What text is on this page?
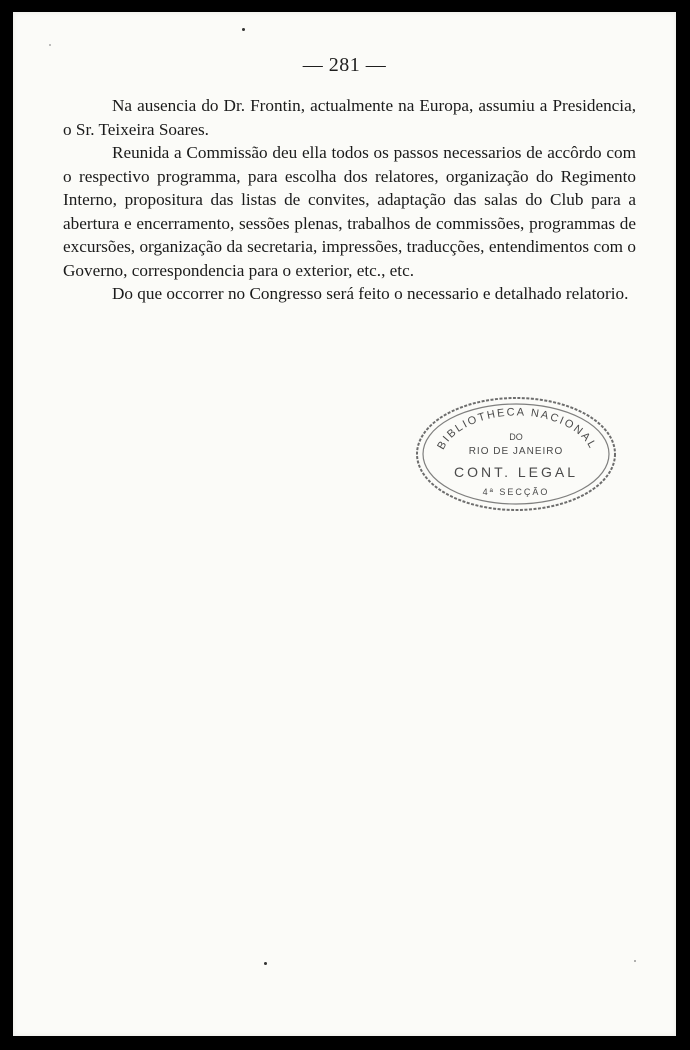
— 281 —

Na ausencia do Dr. Frontin, actualmente na Europa, assumiu a Presidencia, o Sr. Teixeira Soares.

Reunida a Commissão deu ella todos os passos necessarios de accôrdo com o respectivo programma, para escolha dos relatores, organização do Regimento Interno, propositura das listas de convites, adaptação das salas do Club para a abertura e encerramento, sessões plenas, trabalhos de commissões, programmas de excursões, organização da secretaria, impressões, traducções, entendimentos com o Governo, correspondencia para o exterior, etc., etc.

Do que occorrer no Congresso será feito o necessario e detalhado relatorio.

BIBLIOTHECA NACIONAL
DO
RIO DE JANEIRO
CONT. LEGAL
4ª SECÇÃO
